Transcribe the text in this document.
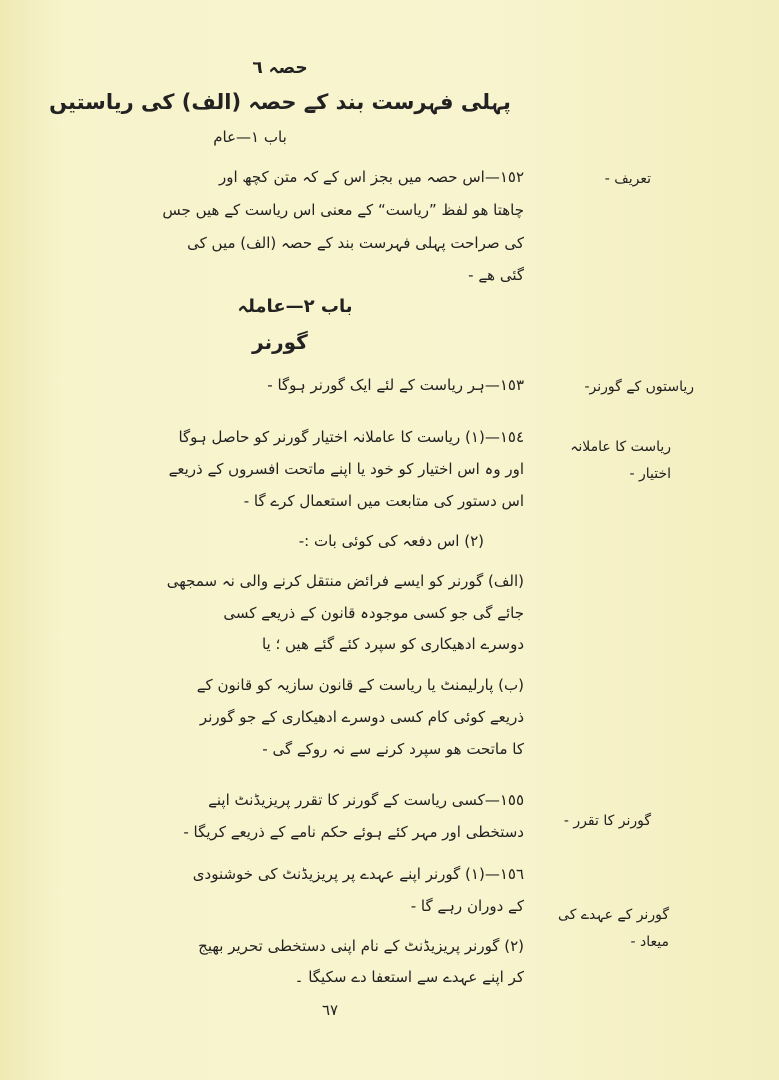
حصہ ٦
پہلی فہرست بند کے حصہ (الف) کی ریاستیں
باب ١—عام
تعریف -
١٥٢—اس حصہ میں بجز اس کے کہ متن کچھ اور
چاھتا ھو لفظ ”ریاست“ کے معنی اس ریاست کے ھیں جس
کی صراحت پہلی فہرست بند کے حصہ (الف) میں کی
گئی ھے -
باب ٢—عاملہ
گورنر
ریاستوں کے گورنر-
١٥٣—ہر ریاست کے لئے ایک گورنر ہوگا -
ریاست کا عاملانہ
اختیار -
١٥٤—(١) ریاست کا عاملانہ اختیار گورنر کو حاصل ہوگا
اور وہ اس اختیار کو خود یا اپنے ماتحت افسروں کے ذریعے
اس دستور کی متابعت میں استعمال کرے گا -
(٢) اس دفعہ کی کوئی بات :-
(الف) گورنر کو ایسے فرائض منتقل کرنے والی نہ سمجھی
جائے گی جو کسی موجودہ قانون کے ذریعے کسی
دوسرے ادھیکاری کو سپرد کئے گئے ھیں ؛ یا
(ب) پارلیمنٹ یا ریاست کے قانون سازیہ کو قانون کے
ذریعے کوئی کام کسی دوسرے ادھیکاری کے جو گورنر
کا ماتحت ھو سپرد کرنے سے نہ روکے گی -
گورنر کا تقرر -
١٥٥—کسی ریاست کے گورنر کا تقرر پریزیڈنٹ اپنے
دستخطی اور مہر کئے ہوئے حکم نامے کے ذریعے کریگا -
گورنر کے عہدے کی
میعاد -
١٥٦—(١) گورنر اپنے عہدے پر پریزیڈنٹ کی خوشنودی
کے دوران رہے گا -
(٢) گورنر پریزیڈنٹ کے نام اپنی دستخطی تحریر بھیج
کر اپنے عہدے سے استعفا دے سکیگا ۔
٦٧
